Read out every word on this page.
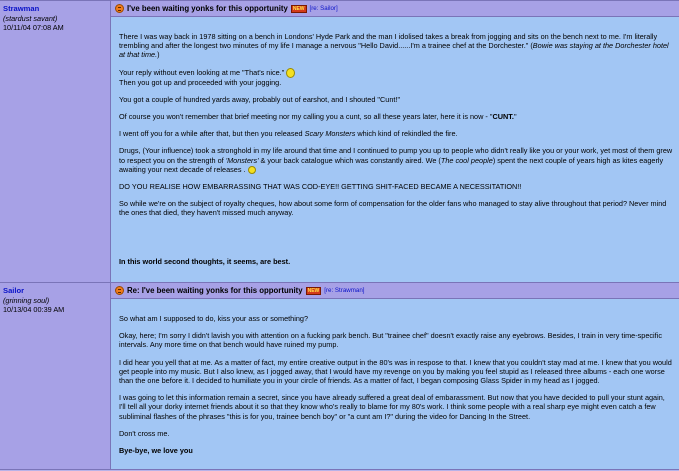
Strawman
(stardust savant)
10/11/04 07:08 AM
I've been waiting yonks for this opportunity	NEW [re: Sailor]

There I was way back in 1978 sitting on a bench in Londons' Hyde Park and the man I idolised takes a break from jogging and sits on the bench next to me. I'm literally trembling and after the longest two minutes of my life I manage a nervous "Hello David......I'm a trainee chef at the Dorchester." (Bowie was staying at the Dorchester hotel at that time.)

Your reply without even looking at me "That's nice."
Then you got up and proceeded with your jogging.

You got a couple of hundred yards away, probably out of earshot, and I shouted "Cunt!"

Of course you won't remember that brief meeting nor my calling you a cunt, so all these years later, here it is now - "CUNT."

I went off you for a while after that, but then you released Scary Monsters which kind of rekindled the fire.

Drugs, (Your influence) took a stronghold in my life around that time and I continued to pump you up to people who didn't really like you or your work, yet most of them grew to respect you on the strength of 'Monsters' & your back catalogue which was constantly aired. We (The cool people) spent the next couple of years high as kites eagerly awaiting your next decade of releases .

DO YOU REALISE HOW EMBARRASSING THAT WAS COD-EYE!! GETTING SHIT-FACED BECAME A NECESSITATION!!

So while we're on the subject of royalty cheques, how about some form of compensation for the older fans who managed to stay alive throughout that period? Never mind the ones that died, they haven't missed much anyway.

In this world second thoughts, it seems, are best.

Sailor
(grinning soul)
10/13/04 00:39 AM
Re: I've been waiting yonks for this opportunity	NEW [re: Strawman]

So what am I supposed to do, kiss your ass or something?

Okay, here; I'm sorry I didn't lavish you with attention on a fucking park bench. But "trainee chef" doesn't exactly raise any eyebrows. Besides, I train in very time-specific intervals. Any more time on that bench would have ruined my pump.

I did hear you yell that at me. As a matter of fact, my entire creative output in the 80's was in respose to that. I knew that you couldn't stay mad at me. I knew that you would get people into my music. But I also knew, as I jogged away, that I would have my revenge on you by making you feel stupid as I released three albums - each one worse than the one before it. I decided to humiliate you in your circle of friends. As a matter of fact, I began composing Glass Spider in my head as I jogged.

I was going to let this information remain a secret, since you have already suffered a great deal of embarassment. But now that you have decided to pull your stunt again, I'll tell all your dorky internet friends about it so that they know who's really to blame for my 80's work. I think some people with a real sharp eye might even catch a few subliminal flashes of the phrases "this is for you, trainee bench boy" or "a cunt am I?" during the video for Dancing In the Street.

Don't cross me.

Bye-bye, we love you
